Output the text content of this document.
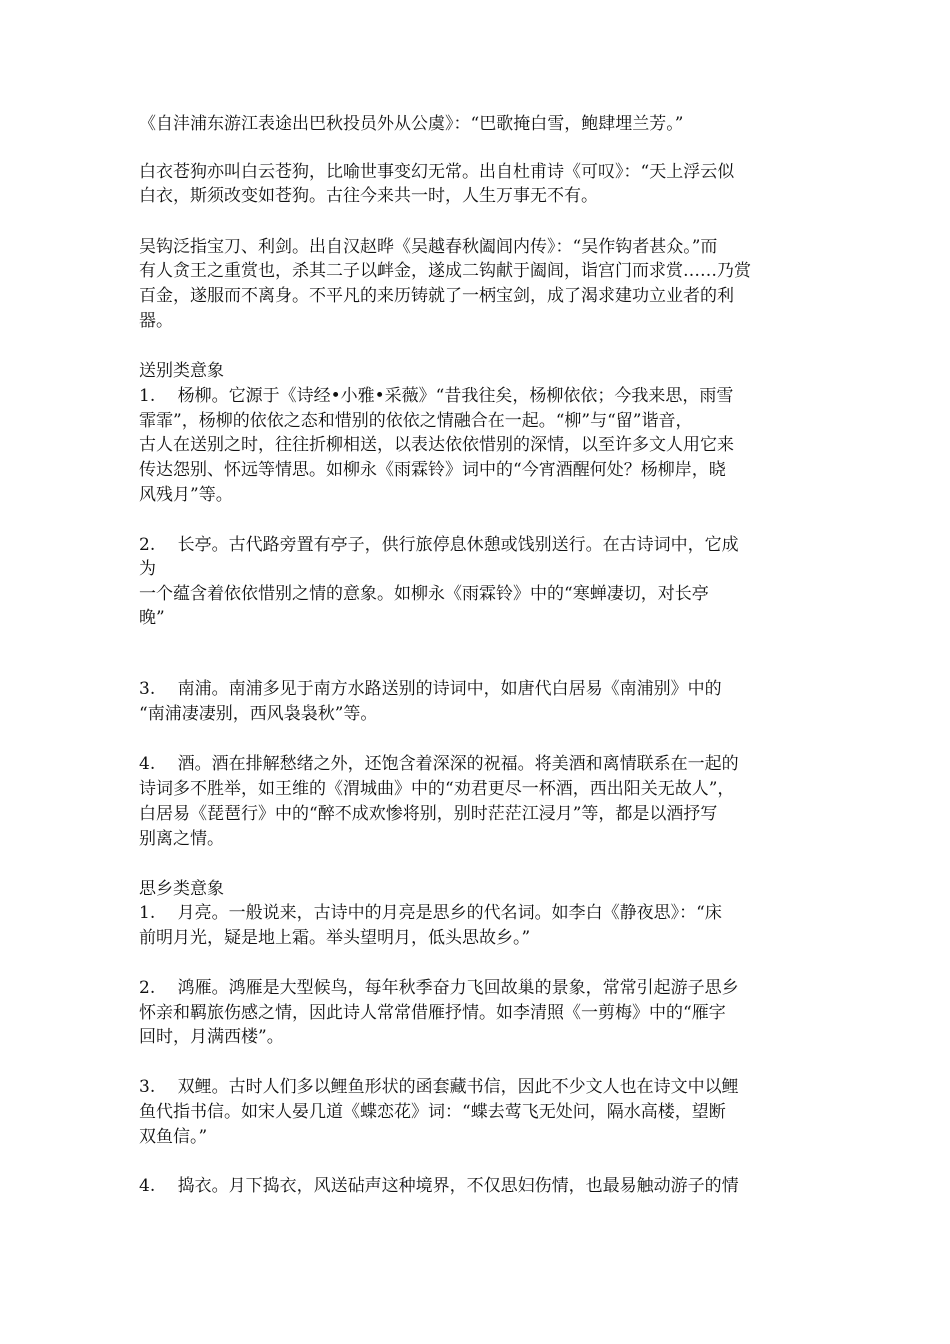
《自沣浦东游江表途出巴秋投员外从公虞》：“巴歌掩白雪，鲍肆埋兰芳。”

白衣苍狗亦叫白云苍狗，比喻世事变幻无常。出自杜甫诗《可叹》：“天上浮云似

白衣，斯须改变如苍狗。古往今来共一时，人生万事无不有。

吴钩泛指宝刀、利剑。出自汉赵晔《吴越春秋阖闾内传》：“吴作钩者甚众。”而

有人贪王之重赏也，杀其二子以衅金，遂成二钩献于阖闾，诣宫门而求赏……乃赏

百金，遂服而不离身。不平凡的来历铸就了一柄宝剑，成了渴求建功立业者的利

器。

送别类意象

1.　 杨柳。它源于《诗经•小雅•采薇》“昔我往矣，杨柳依依；今我来思，雨雪

霏霏”，杨柳的依依之态和惜别的依依之情融合在一起。“柳”与“留”谐音，

古人在送别之时，往往折柳相送，以表达依依惜别的深情，以至许多文人用它来

传达怨别、怀远等情思。如柳永《雨霖铃》词中的“今宵酒醒何处？杨柳岸，晓

风残月”等。

2.　 长亭。古代路旁置有亭子，供行旅停息休憩或饯别送行。在古诗词中，它成

为

一个蕴含着依依惜别之情的意象。如柳永《雨霖铃》中的“寒蝉凄切，对长亭

晚”

3.　 南浦。南浦多见于南方水路送别的诗词中，如唐代白居易《南浦别》中的

“南浦凄凄别，西风袅袅秋”等。

4.　 酒。酒在排解愁绪之外，还饱含着深深的祝福。将美酒和离情联系在一起的

诗词多不胜举，如王维的《渭城曲》中的“劝君更尽一杯酒，西出阳关无故人”，

白居易《琵琶行》中的“醉不成欢惨将别，别时茫茫江浸月”等，都是以酒抒写

别离之情。

思乡类意象

1.　 月亮。一般说来，古诗中的月亮是思乡的代名词。如李白《静夜思》：“床

前明月光，疑是地上霜。举头望明月，低头思故乡。”

2.　 鸿雁。鸿雁是大型候鸟，每年秋季奋力飞回故巢的景象，常常引起游子思乡

怀亲和羁旅伤感之情，因此诗人常常借雁抒情。如李清照《一剪梅》中的“雁字

回时，月满西楼”。

3.　 双鲤。古时人们多以鲤鱼形状的函套藏书信，因此不少文人也在诗文中以鲤

鱼代指书信。如宋人晏几道《蝶恋花》词：“蝶去莺飞无处问，隔水高楼，望断

双鱼信。”

4.　 捣衣。月下捣衣，风送砧声这种境界，不仅思妇伤情，也最易触动游子的情
